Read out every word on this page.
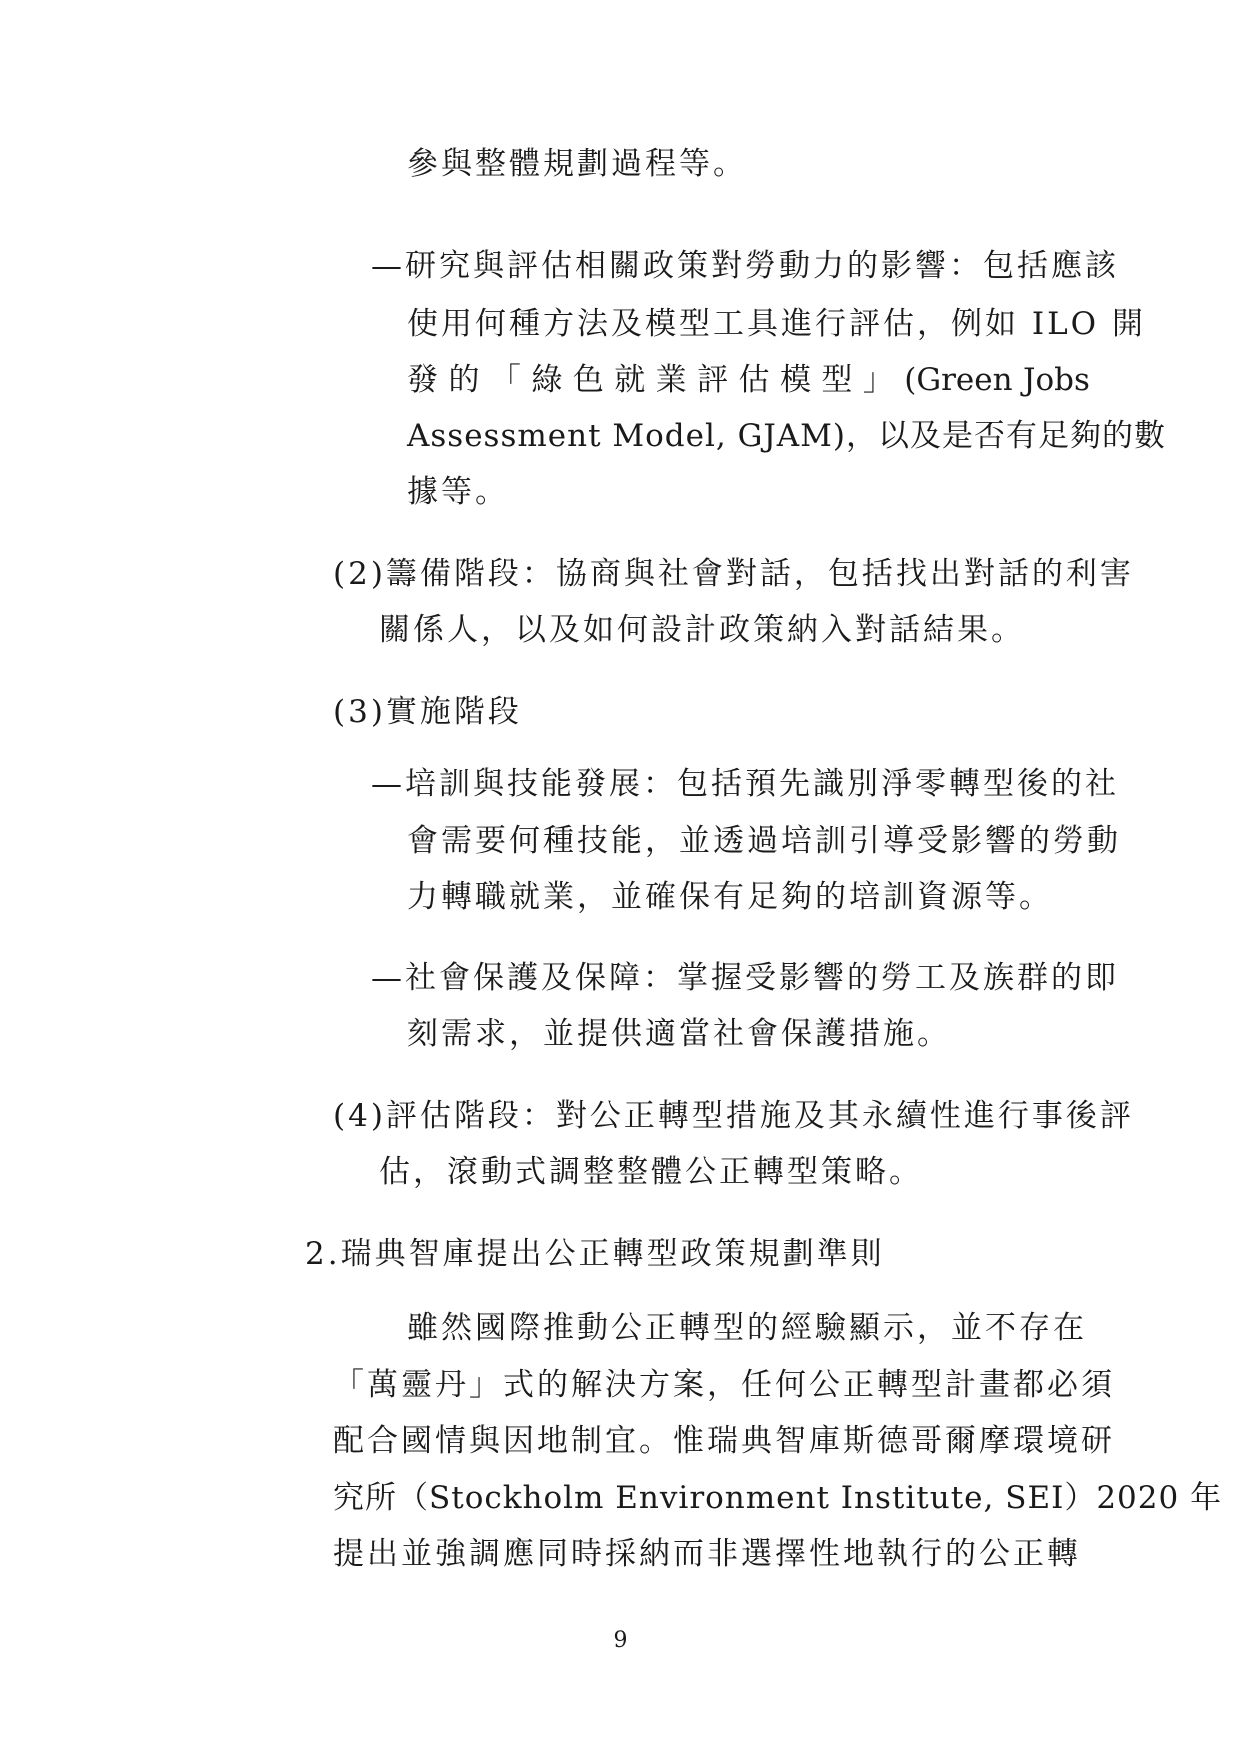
參與整體規劃過程等。
—研究與評估相關政策對勞動力的影響：包括應該
使用何種方法及模型工具進行評估，例如 ILO 開
發 的 「 綠 色 就 業 評 估 模 型 」 (Green Jobs
Assessment Model, GJAM)，以及是否有足夠的數
據等。
(2)籌備階段：協商與社會對話，包括找出對話的利害
關係人，以及如何設計政策納入對話結果。
(3)實施階段
—培訓與技能發展：包括預先識別淨零轉型後的社
會需要何種技能，並透過培訓引導受影響的勞動
力轉職就業，並確保有足夠的培訓資源等。
—社會保護及保障：掌握受影響的勞工及族群的即
刻需求，並提供適當社會保護措施。
(4)評估階段：對公正轉型措施及其永續性進行事後評
估，滾動式調整整體公正轉型策略。
2.瑞典智庫提出公正轉型政策規劃準則
雖然國際推動公正轉型的經驗顯示，並不存在
「萬靈丹」式的解決方案，任何公正轉型計畫都必須
配合國情與因地制宜。惟瑞典智庫斯德哥爾摩環境研
究所（Stockholm Environment Institute, SEI）2020 年
提出並強調應同時採納而非選擇性地執行的公正轉
9
